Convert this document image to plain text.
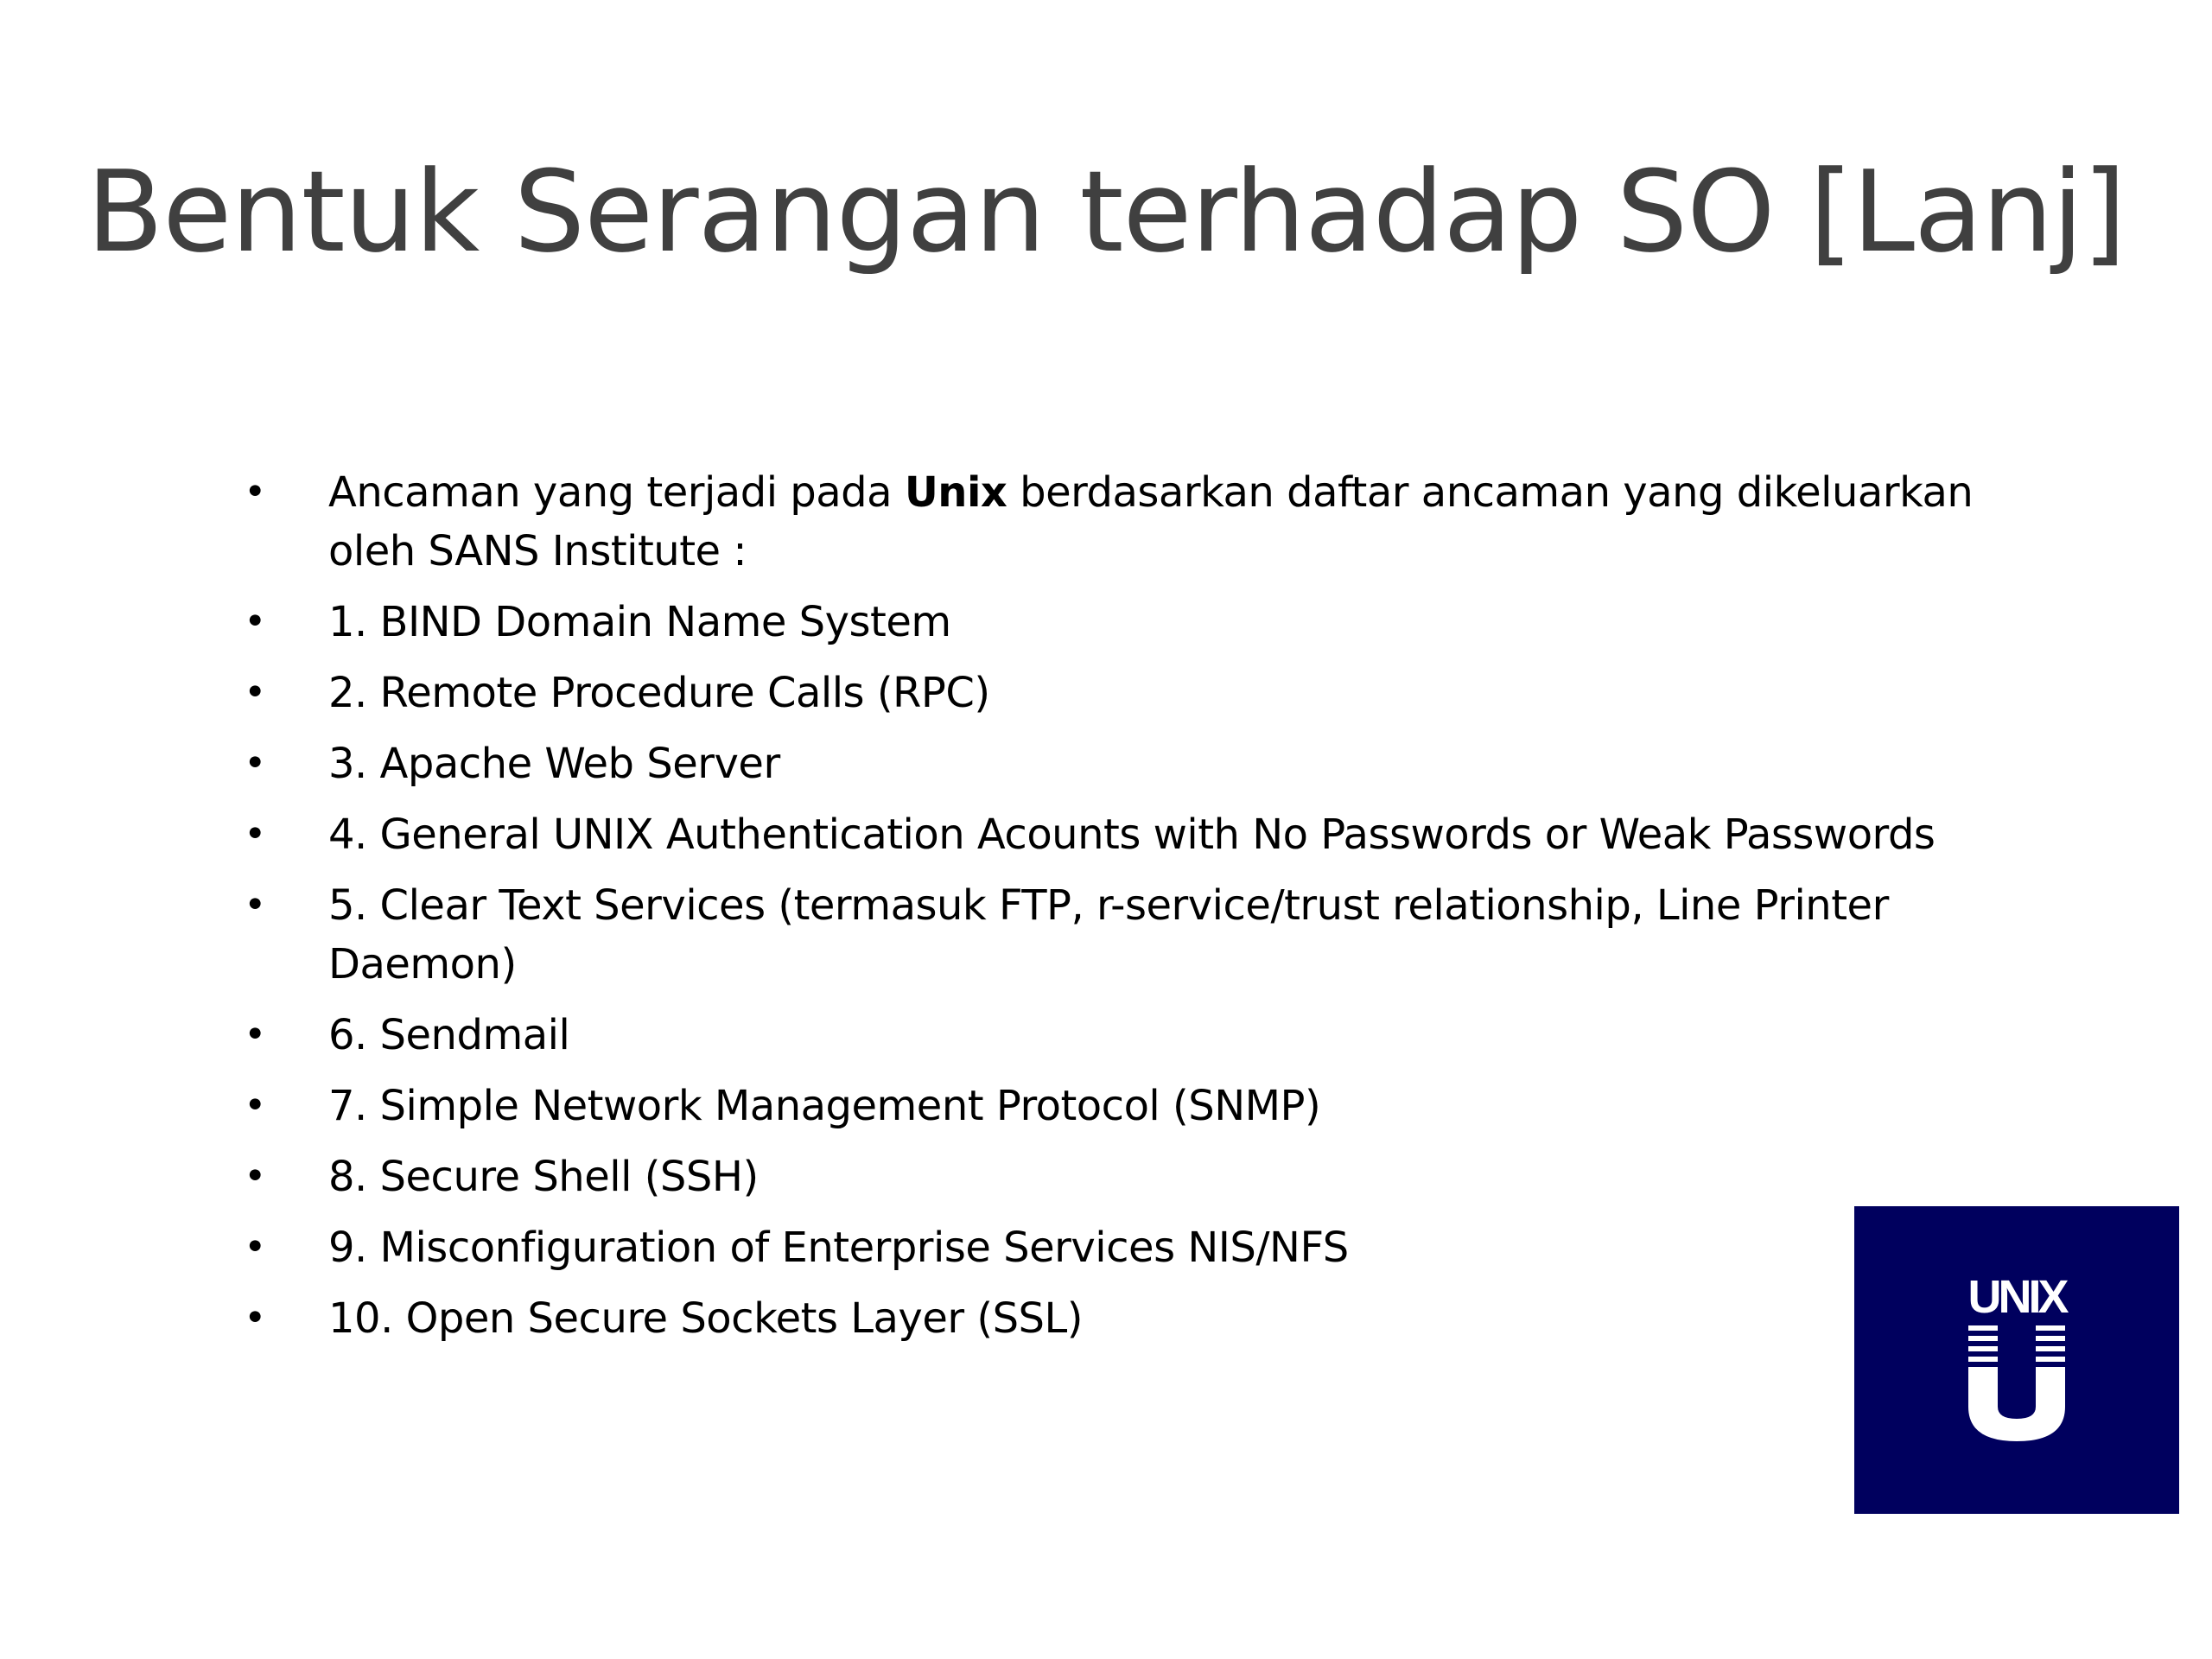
Bentuk Serangan terhadap SO [Lanj]
• Ancaman yang terjadi pada Unix berdasarkan daftar ancaman yang dikeluarkan oleh SANS Institute :
• 1. BIND Domain Name System
• 2. Remote Procedure Calls (RPC)
• 3. Apache Web Server
• 4. General UNIX Authentication Acounts with No Passwords or Weak Passwords
• 5. Clear Text Services (termasuk FTP, r-service/trust relationship, Line Printer Daemon)
• 6. Sendmail
• 7. Simple Network Management Protocol (SNMP)
• 8. Secure Shell (SSH)
• 9. Misconfiguration of Enterprise Services NIS/NFS
• 10. Open Secure Sockets Layer (SSL)	UNIX
